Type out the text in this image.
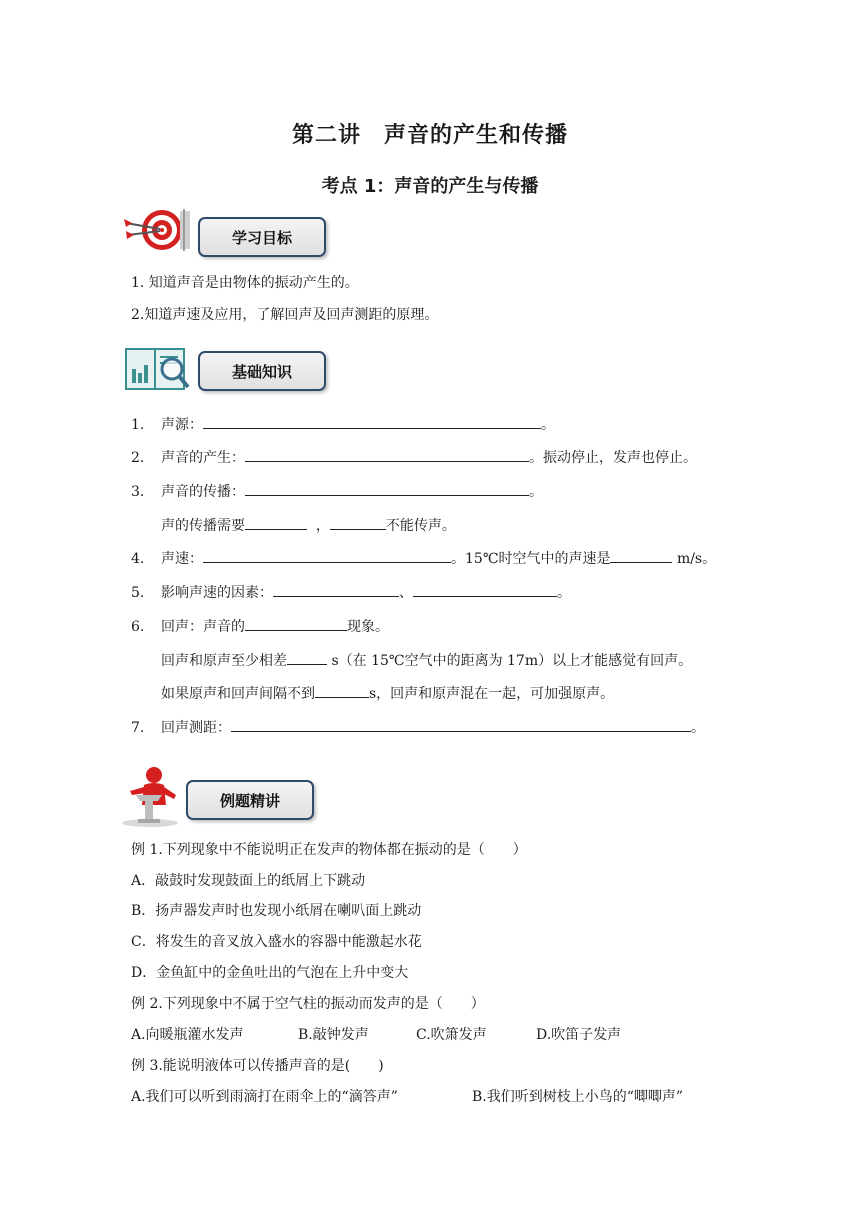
第二讲　声音的产生和传播
考点 1：声音的产生与传播
学习目标
1. 知道声音是由物体的振动产生的。
2.知道声速及应用，了解回声及回声测距的原理。
基础知识
1. 声源：	。
2. 声音的产生：	。振动停止，发声也停止。
3. 声音的传播：	。
声的传播需要	，	不能传声。
4. 声速：	。15℃时空气中的声速是	m/s。
5. 影响声速的因素：	、	。
6. 回声：声音的	现象。
回声和原声至少相差	s（在 15℃空气中的距离为 17m）以上才能感觉有回声。
如果原声和回声间隔不到	s，回声和原声混在一起，可加强原声。
7. 回声测距：	。
例题精讲
例 1.下列现象中不能说明正在发声的物体都在振动的是（　　）
A．敲鼓时发现鼓面上的纸屑上下跳动
B．扬声器发声时也发现小纸屑在喇叭面上跳动
C．将发生的音叉放入盛水的容器中能激起水花
D．金鱼缸中的金鱼吐出的气泡在上升中变大
例 2.下列现象中不属于空气柱的振动而发声的是（　　）
A.向暖瓶灌水发声	B.敲钟发声	C.吹箫发声	D.吹笛子发声
例 3.能说明液体可以传播声音的是(　　)
A.我们可以听到雨滴打在雨伞上的“滴答声”	B.我们听到树枝上小鸟的“唧唧声”
